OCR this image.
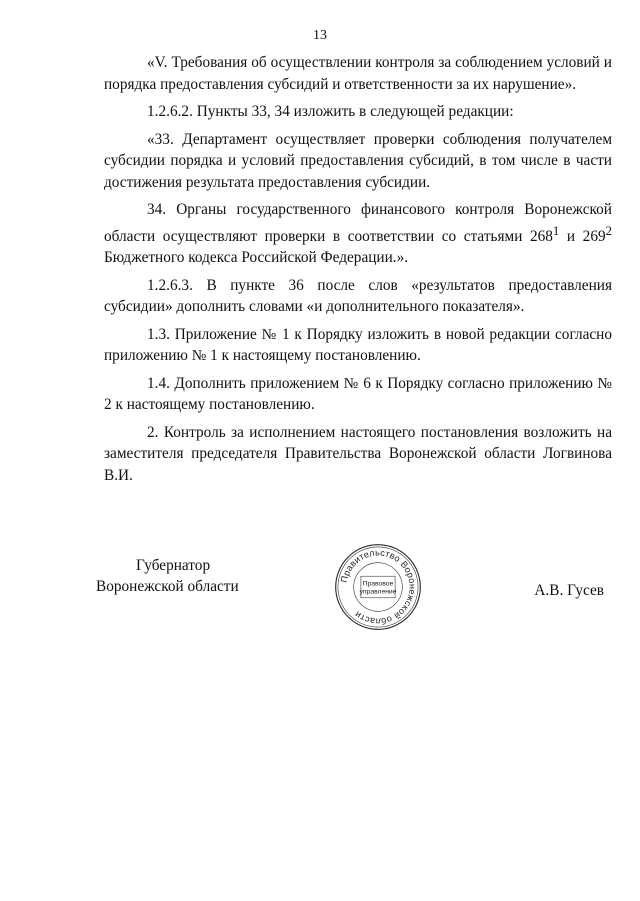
13

«V. Требования об осуществлении контроля за соблюдением условий и порядка предоставления субсидий и ответственности за их нарушение».

1.2.6.2. Пункты 33, 34 изложить в следующей редакции:

«33. Департамент осуществляет проверки соблюдения получателем субсидии порядка и условий предоставления субсидий, в том числе в части достижения результата предоставления субсидии.

34. Органы государственного финансового контроля Воронежской области осуществляют проверки в соответствии со статьями $268^1$ и $269^2$ Бюджетного кодекса Российской Федерации.».

1.2.6.3. В пункте 36 после слов «результатов предоставления субсидии» дополнить словами «и дополнительного показателя».

1.3. Приложение № 1 к Порядку изложить в новой редакции согласно приложению № 1 к настоящему постановлению.

1.4. Дополнить приложением № 6 к Порядку согласно приложению № 2 к настоящему постановлению.

2. Контроль за исполнением настоящего постановления возложить на заместителя председателя Правительства Воронежской области Логвинова В.И.

Губернатор
Воронежской области	Правительство Воронежской области
Правовое
управление	А.В. Гусев
